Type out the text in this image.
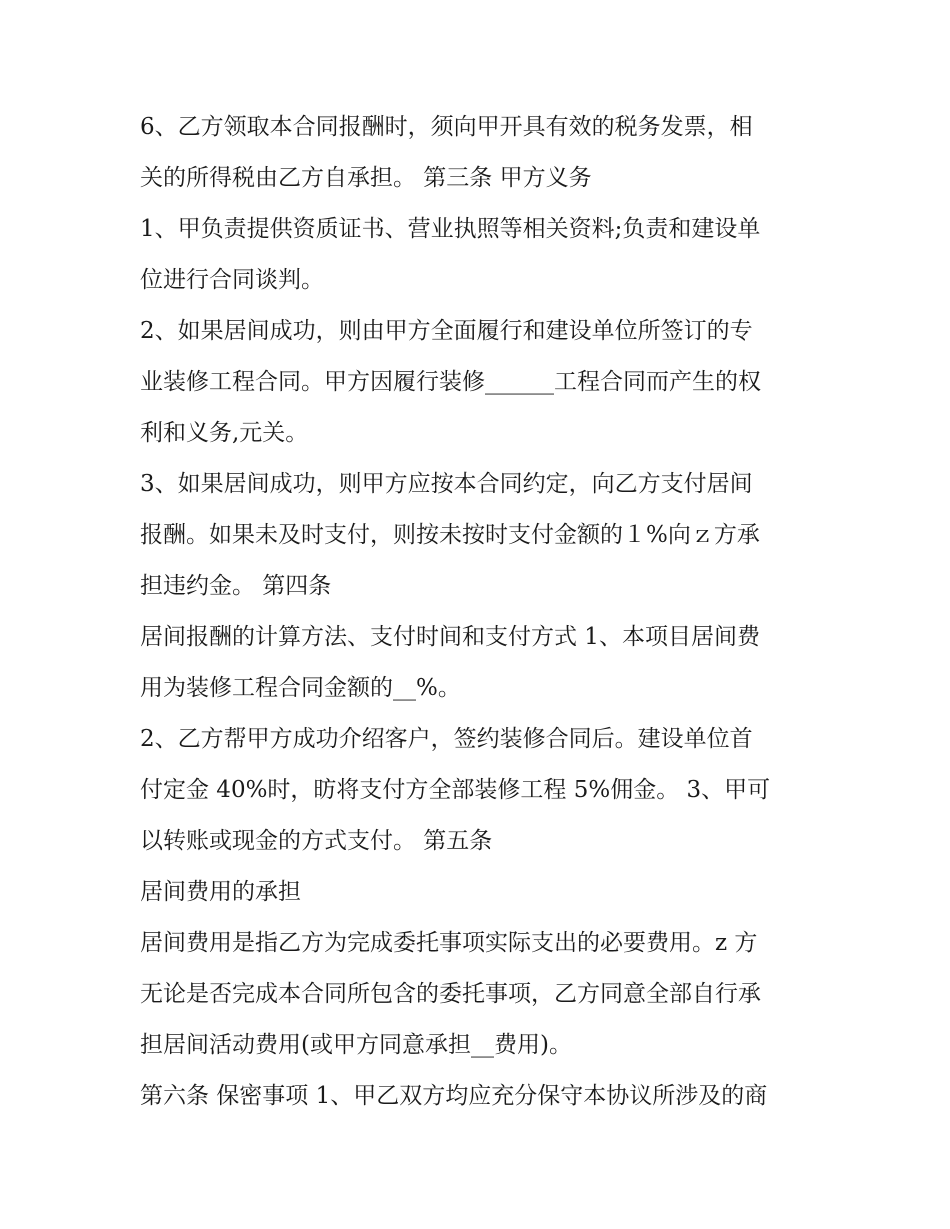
6、乙方领取本合同报酬时，须向甲开具有效的税务发票，相
关的所得税由乙方自承担。 第三条 甲方义务
1、甲负责提供资质证书、营业执照等相关资料;负责和建设单
位进行合同谈判。
2、如果居间成功，则由甲方全面履行和建设单位所签订的专
业装修工程合同。甲方因履行装修______工程合同而产生的权
利和义务,元关。
3、如果居间成功，则甲方应按本合同约定，向乙方支付居间
报酬。如果未及时支付，则按未按时支付金额的１%向ｚ方承
担违约金。 第四条
居间报酬的计算方法、支付时间和支付方式 1、本项目居间费
用为装修工程合同金额的__%。
2、乙方帮甲方成功介绍客户，签约装修合同后。建设单位首
付定金 40%时，昉将支付方全部装修工程 5%佣金。 3、甲可
以转账或现金的方式支付。 第五条
居间费用的承担
居间费用是指乙方为完成委托事项实际支出的必要费用。z 方
无论是否完成本合同所包含的委托事项，乙方同意全部自行承
担居间活动费用(或甲方同意承担__费用)。
第六条 保密事项 1、甲乙双方均应充分保守本协议所涉及的商
